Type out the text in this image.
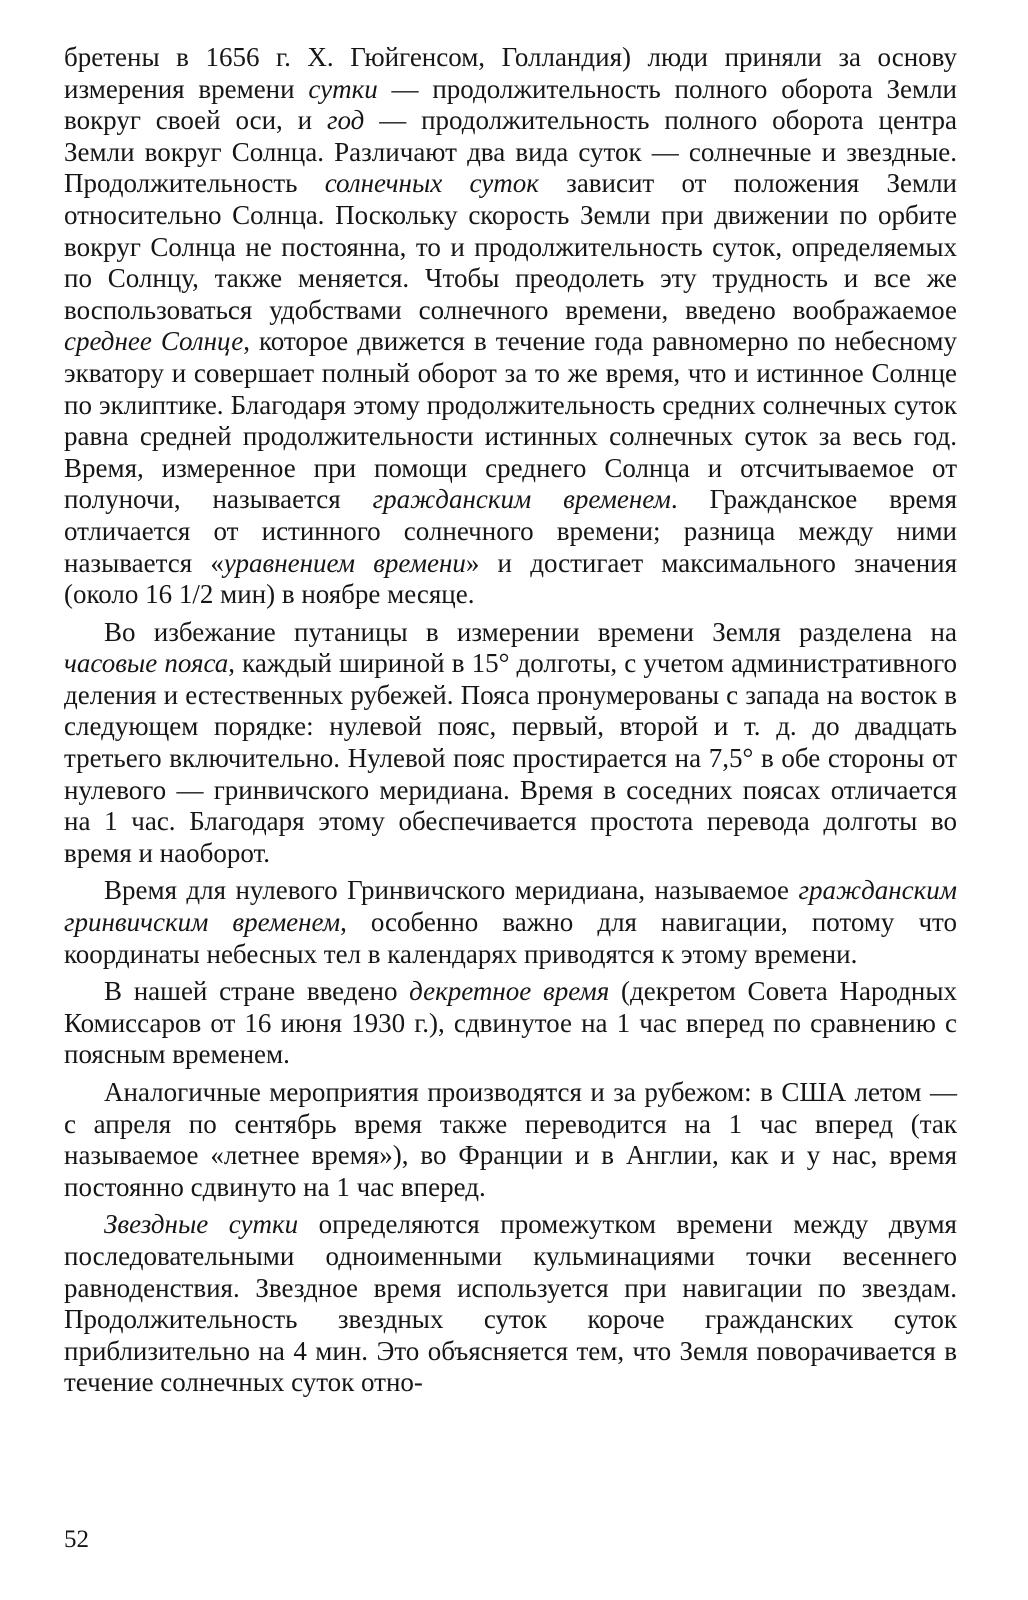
бретены в 1656 г. Х. Гюйгенсом, Голландия) люди приняли за основу измерения времени сутки — продолжительность полного оборота Земли вокруг своей оси, и год — продолжительность полного оборота центра Земли вокруг Солнца. Различают два вида суток — солнечные и звездные. Продолжительность солнечных суток зависит от положения Земли относительно Солнца. Поскольку скорость Земли при движении по орбите вокруг Солнца не постоянна, то и продолжительность суток, определяемых по Солнцу, также меняется. Чтобы преодолеть эту трудность и все же воспользоваться удобствами солнечного времени, введено воображаемое среднее Солнце, которое движется в течение года равномерно по небесному экватору и совершает полный оборот за то же время, что и истинное Солнце по эклиптике. Благодаря этому продолжительность средних солнечных суток равна средней продолжительности истинных солнечных суток за весь год. Время, измеренное при помощи среднего Солнца и отсчитываемое от полуночи, называется гражданским временем. Гражданское время отличается от истинного солнечного времени; разница между ними называется «уравнением времени» и достигает максимального значения (около 16 1/2 мин) в ноябре месяце.

Во избежание путаницы в измерении времени Земля разделена на часовые пояса, каждый шириной в 15° долготы, с учетом административного деления и естественных рубежей. Пояса пронумерованы с запада на восток в следующем порядке: нулевой пояс, первый, второй и т. д. до двадцать третьего включительно. Нулевой пояс простирается на 7,5° в обе стороны от нулевого — гринвичского меридиана. Время в соседних поясах отличается на 1 час. Благодаря этому обеспечивается простота перевода долготы во время и наоборот.

Время для нулевого Гринвичского меридиана, называемое гражданским гринвичским временем, особенно важно для навигации, потому что координаты небесных тел в календарях приводятся к этому времени.

В нашей стране введено декретное время (декретом Совета Народных Комиссаров от 16 июня 1930 г.), сдвинутое на 1 час вперед по сравнению с поясным временем.

Аналогичные мероприятия производятся и за рубежом: в США летом — с апреля по сентябрь время также переводится на 1 час вперед (так называемое «летнее время»), во Франции и в Англии, как и у нас, время постоянно сдвинуто на 1 час вперед.

Звездные сутки определяются промежутком времени между двумя последовательными одноименными кульминациями точки весеннего равноденствия. Звездное время используется при навигации по звездам. Продолжительность звездных суток короче гражданских суток приблизительно на 4 мин. Это объясняется тем, что Земля поворачивается в течение солнечных суток отно-

52
